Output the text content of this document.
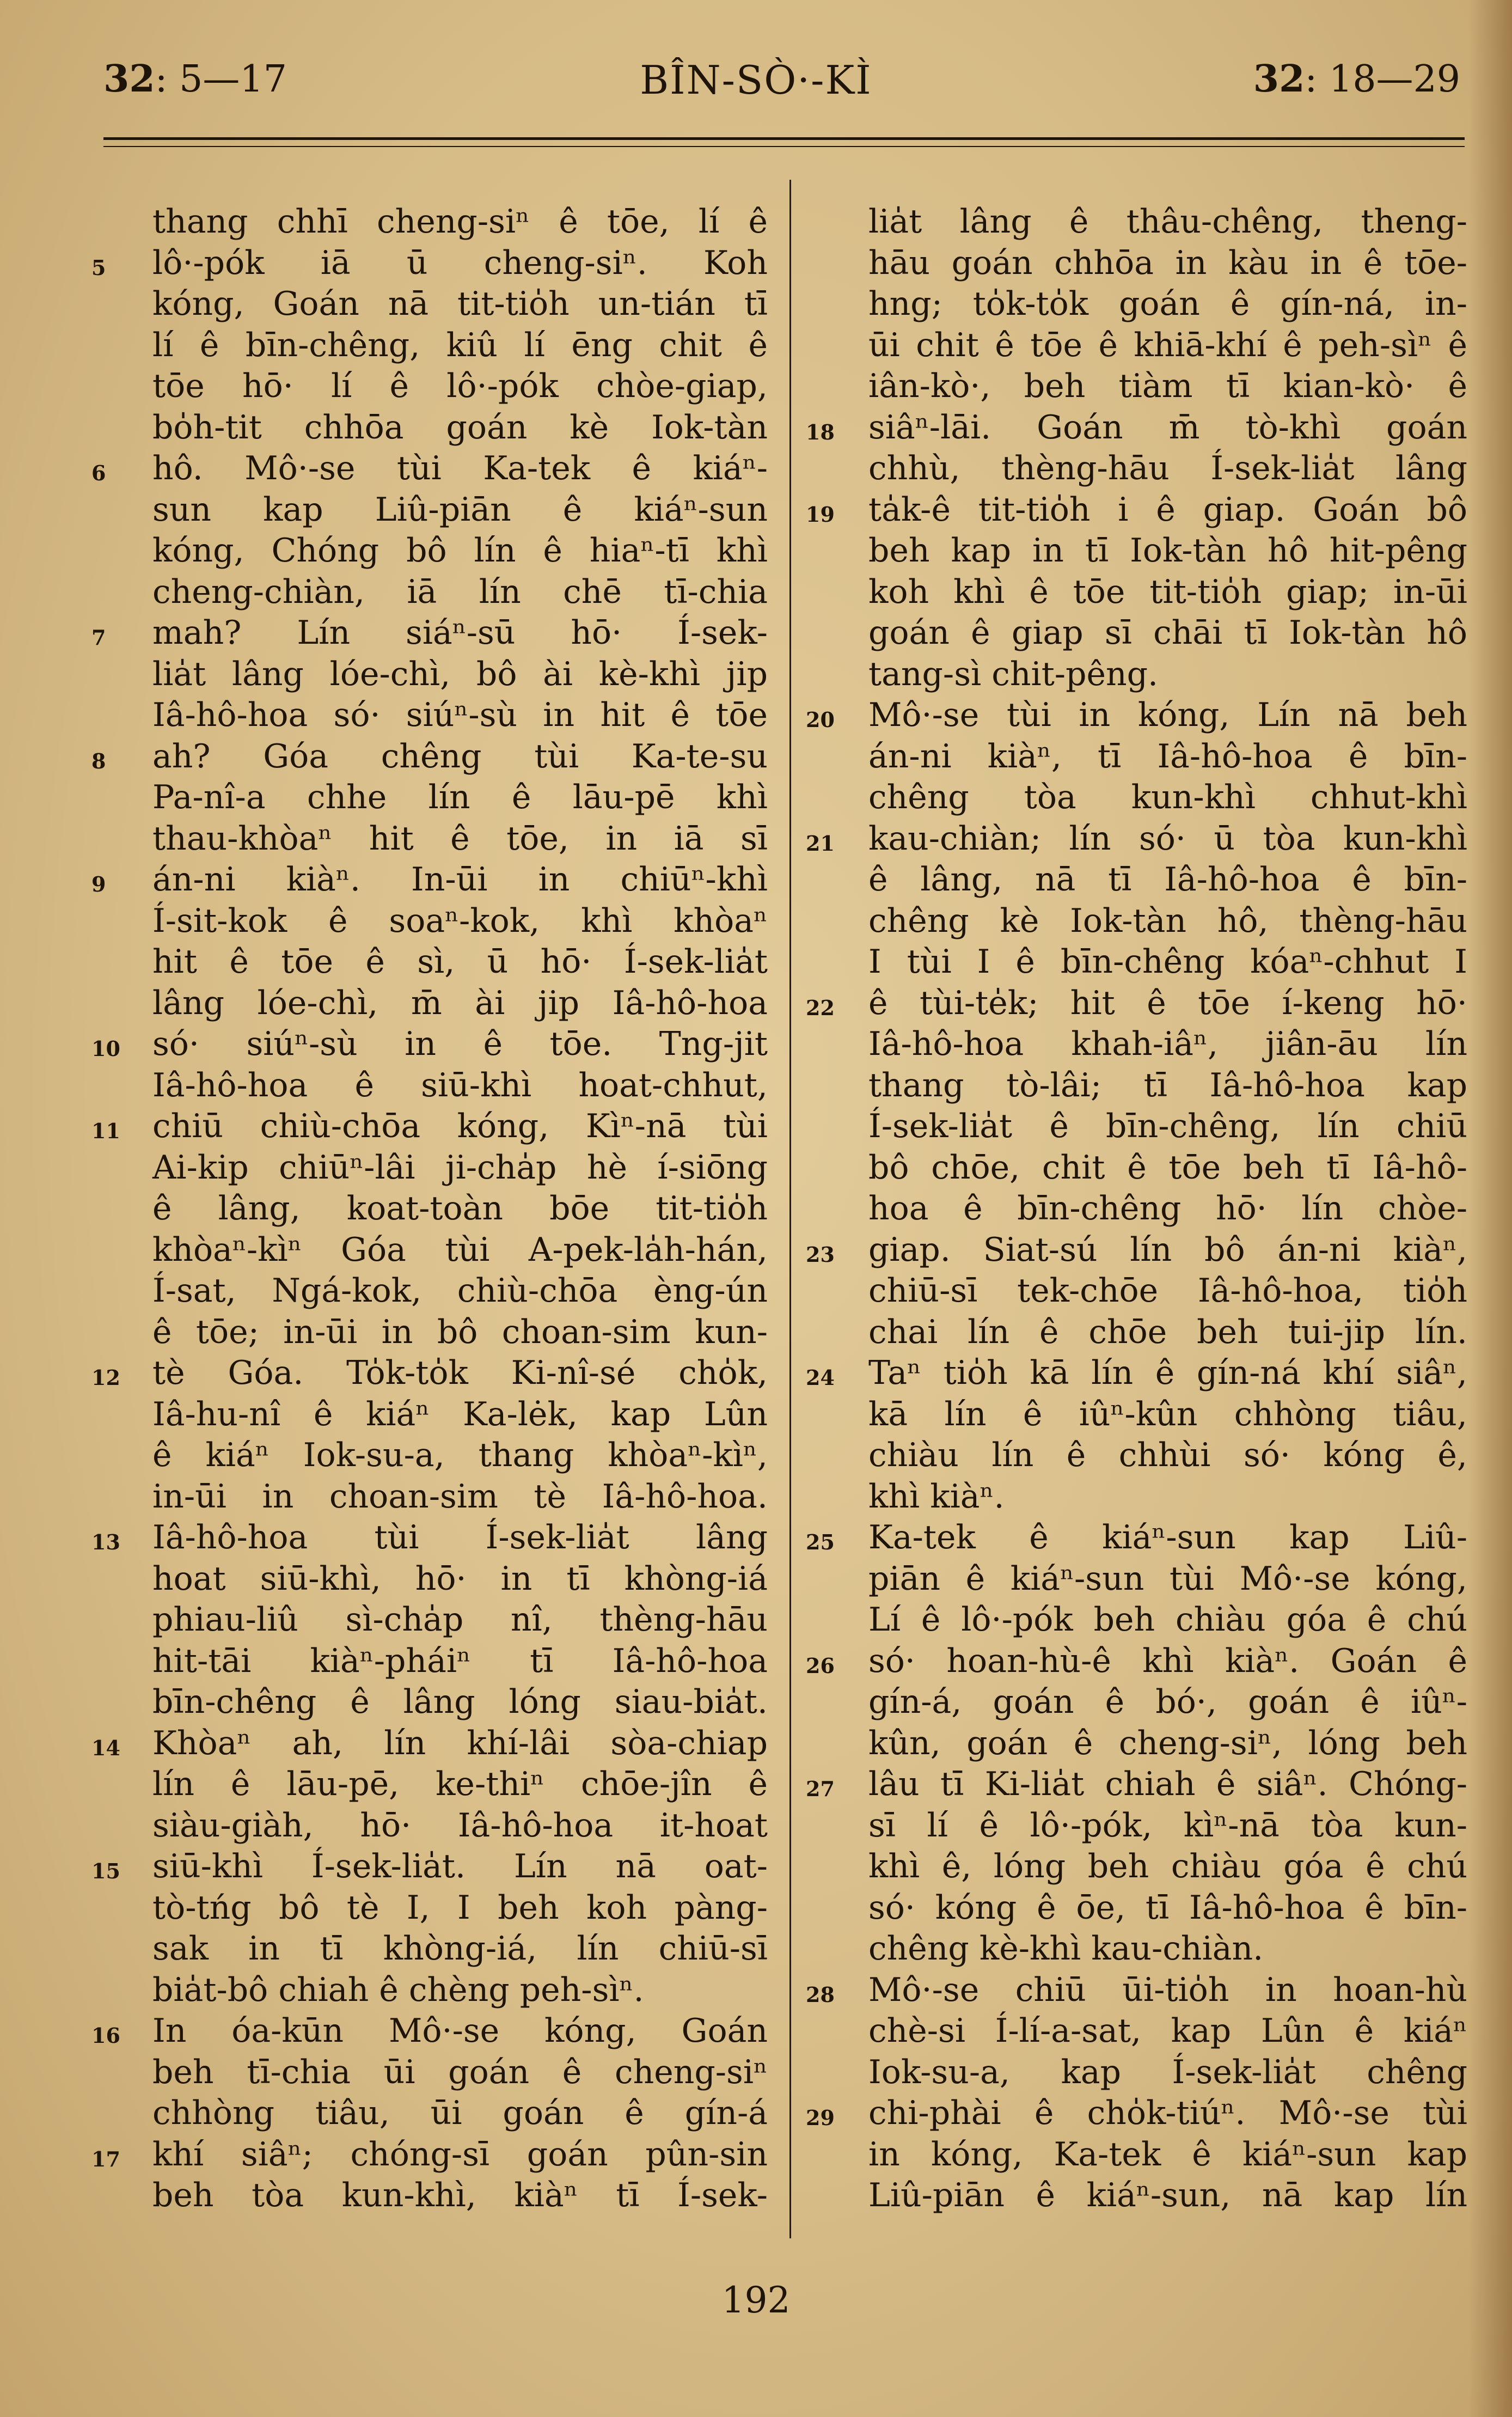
32: 5—17	BÎN-SÒ·-KÌ	32: 18—29
thang chhī cheng-siⁿ ê tōe, lí ê
lô·-pók iā ū cheng-siⁿ. Koh
5
kóng, Goán nā tit-tio̍h un-tián tī
lí ê bīn-chêng, kiû lí ēng chit ê
tōe hō· lí ê lô·-pók chòe-giap,
bo̍h-tit chhōa goán kè Iok-tàn
hô. Mô·-se tùi Ka-tek ê kiáⁿ-
6
sun kap Liû-piān ê kiáⁿ-sun
kóng, Chóng bô lín ê hiaⁿ-tī khì
cheng-chiàn, iā lín chē tī-chia
mah? Lín siáⁿ-sū hō· Í-sek-
7
lia̍t lâng lóe-chì, bô ài kè-khì jip
Iâ-hô-hoa só· siúⁿ-sù in hit ê tōe
ah? Góa chêng tùi Ka-te-su
8
Pa-nî-a chhe lín ê lāu-pē khì
thau-khòaⁿ hit ê tōe, in iā sī
án-ni kiàⁿ. In-ūi in chiūⁿ-khì
9
Í-sit-kok ê soaⁿ-kok, khì khòaⁿ
hit ê tōe ê sì, ū hō· Í-sek-lia̍t
lâng lóe-chì, m̄ ài jip Iâ-hô-hoa
só· siúⁿ-sù in ê tōe. Tng-jit
10
Iâ-hô-hoa ê siū-khì hoat-chhut,
chiū chiù-chōa kóng, Kìⁿ-nā tùi
11
Ai-kip chiūⁿ-lâi ji-cha̍p hè í-siōng
ê lâng, koat-toàn bōe tit-tio̍h
khòaⁿ-kìⁿ Góa tùi A-pek-la̍h-hán,
Í-sat, Ngá-kok, chiù-chōa èng-ún
ê tōe; in-ūi in bô choan-sim kun-
tè Góa. To̍k-to̍k Ki-nî-sé cho̍k,
12
Iâ-hu-nî ê kiáⁿ Ka-lėk, kap Lûn
ê kiáⁿ Iok-su-a, thang khòaⁿ-kìⁿ,
in-ūi in choan-sim tè Iâ-hô-hoa.
Iâ-hô-hoa tùi Í-sek-lia̍t lâng
13
hoat siū-khì, hō· in tī khòng-iá
phiau-liû sì-cha̍p nî, thèng-hāu
hit-tāi kiàⁿ-pháiⁿ tī Iâ-hô-hoa
bīn-chêng ê lâng lóng siau-bia̍t.
Khòaⁿ ah, lín khí-lâi sòa-chiap
14
lín ê lāu-pē, ke-thiⁿ chōe-jîn ê
siàu-giàh, hō· Iâ-hô-hoa it-hoat
siū-khì Í-sek-lia̍t. Lín nā oat-
15
tò-tńg bô tè I, I beh koh pàng-
sak in tī khòng-iá, lín chiū-sī
bia̍t-bô chiah ê chèng peh-sìⁿ.
In óa-kūn Mô·-se kóng, Goán
16
beh tī-chia ūi goán ê cheng-siⁿ
chhòng tiâu, ūi goán ê gín-á
khí siâⁿ; chóng-sī goán pûn-sin
17
beh tòa kun-khì, kiàⁿ tī Í-sek-
lia̍t lâng ê thâu-chêng, theng-
hāu goán chhōa in kàu in ê tōe-
hng; to̍k-to̍k goán ê gín-ná, in-
ūi chit ê tōe ê khiā-khí ê peh-sìⁿ ê
iân-kò·, beh tiàm tī kian-kò· ê
siâⁿ-lāi. Goán m̄ tò-khì goán
18
chhù, thèng-hāu Í-sek-lia̍t lâng
ta̍k-ê tit-tio̍h i ê giap. Goán bô
19
beh kap in tī Iok-tàn hô hit-pêng
koh khì ê tōe tit-tio̍h giap; in-ūi
goán ê giap sī chāi tī Iok-tàn hô
tang-sì chit-pêng.
Mô·-se tùi in kóng, Lín nā beh
20
án-ni kiàⁿ, tī Iâ-hô-hoa ê bīn-
chêng tòa kun-khì chhut-khì
kau-chiàn; lín só· ū tòa kun-khì
21
ê lâng, nā tī Iâ-hô-hoa ê bīn-
chêng kè Iok-tàn hô, thèng-hāu
I tùi I ê bīn-chêng kóaⁿ-chhut I
ê tùi-te̍k; hit ê tōe í-keng hō·
22
Iâ-hô-hoa khah-iâⁿ, jiân-āu lín
thang tò-lâi; tī Iâ-hô-hoa kap
Í-sek-lia̍t ê bīn-chêng, lín chiū
bô chōe, chit ê tōe beh tī Iâ-hô-
hoa ê bīn-chêng hō· lín chòe-
giap. Siat-sú lín bô án-ni kiàⁿ,
23
chiū-sī tek-chōe Iâ-hô-hoa, tio̍h
chai lín ê chōe beh tui-jip lín.
Taⁿ tio̍h kā lín ê gín-ná khí siâⁿ,
24
kā lín ê iûⁿ-kûn chhòng tiâu,
chiàu lín ê chhùi só· kóng ê,
khì kiàⁿ.
Ka-tek ê kiáⁿ-sun kap Liû-
25
piān ê kiáⁿ-sun tùi Mô·-se kóng,
Lí ê lô·-pók beh chiàu góa ê chú
só· hoan-hù-ê khì kiàⁿ. Goán ê
26
gín-á, goán ê bó·, goán ê iûⁿ-
kûn, goán ê cheng-siⁿ, lóng beh
lâu tī Ki-lia̍t chiah ê siâⁿ. Chóng-
27
sī lí ê lô·-pók, kìⁿ-nā tòa kun-
khì ê, lóng beh chiàu góa ê chú
só· kóng ê ōe, tī Iâ-hô-hoa ê bīn-
chêng kè-khì kau-chiàn.
Mô·-se chiū ūi-tio̍h in hoan-hù
28
chè-si Í-lí-a-sat, kap Lûn ê kiáⁿ
Iok-su-a, kap Í-sek-lia̍t chêng
chi-phài ê cho̍k-tiúⁿ. Mô·-se tùi
29
in kóng, Ka-tek ê kiáⁿ-sun kap
Liû-piān ê kiáⁿ-sun, nā kap lín
192
